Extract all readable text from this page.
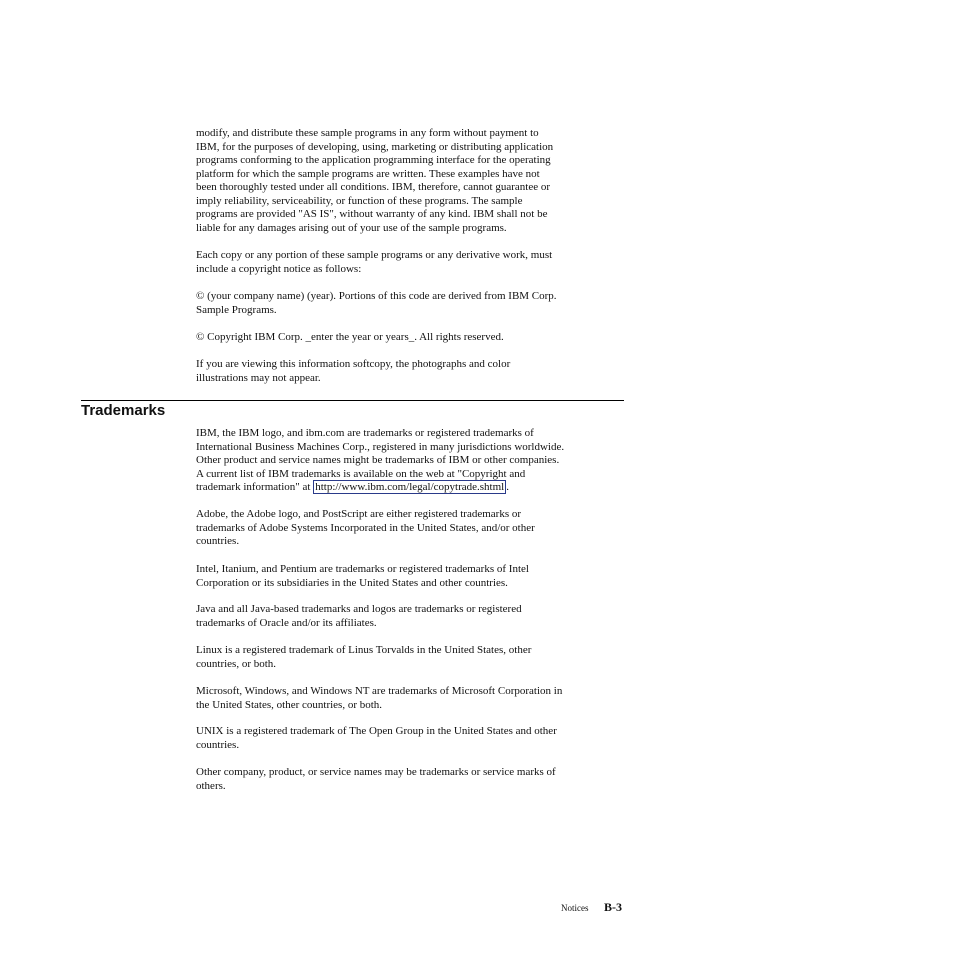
modify, and distribute these sample programs in any form without payment to
IBM, for the purposes of developing, using, marketing or distributing application
programs conforming to the application programming interface for the operating
platform for which the sample programs are written. These examples have not
been thoroughly tested under all conditions. IBM, therefore, cannot guarantee or
imply reliability, serviceability, or function of these programs. The sample
programs are provided "AS IS", without warranty of any kind. IBM shall not be
liable for any damages arising out of your use of the sample programs.

Each copy or any portion of these sample programs or any derivative work, must
include a copyright notice as follows:

© (your company name) (year). Portions of this code are derived from IBM Corp.
Sample Programs.

© Copyright IBM Corp. _enter the year or years_. All rights reserved.

If you are viewing this information softcopy, the photographs and color
illustrations may not appear.

Trademarks

IBM, the IBM logo, and ibm.com are trademarks or registered trademarks of
International Business Machines Corp., registered in many jurisdictions worldwide.
Other product and service names might be trademarks of IBM or other companies.
A current list of IBM trademarks is available on the web at "Copyright and
trademark information" at http://www.ibm.com/legal/copytrade.shtml .

Adobe, the Adobe logo, and PostScript are either registered trademarks or
trademarks of Adobe Systems Incorporated in the United States, and/or other
countries.

Intel, Itanium, and Pentium are trademarks or registered trademarks of Intel
Corporation or its subsidiaries in the United States and other countries.

Java and all Java-based trademarks and logos are trademarks or registered
trademarks of Oracle and/or its affiliates.

Linux is a registered trademark of Linus Torvalds in the United States, other
countries, or both.

Microsoft, Windows, and Windows NT are trademarks of Microsoft Corporation in
the United States, other countries, or both.

UNIX is a registered trademark of The Open Group in the United States and other
countries.

Other company, product, or service names may be trademarks or service marks of
others.

Notices B-3
